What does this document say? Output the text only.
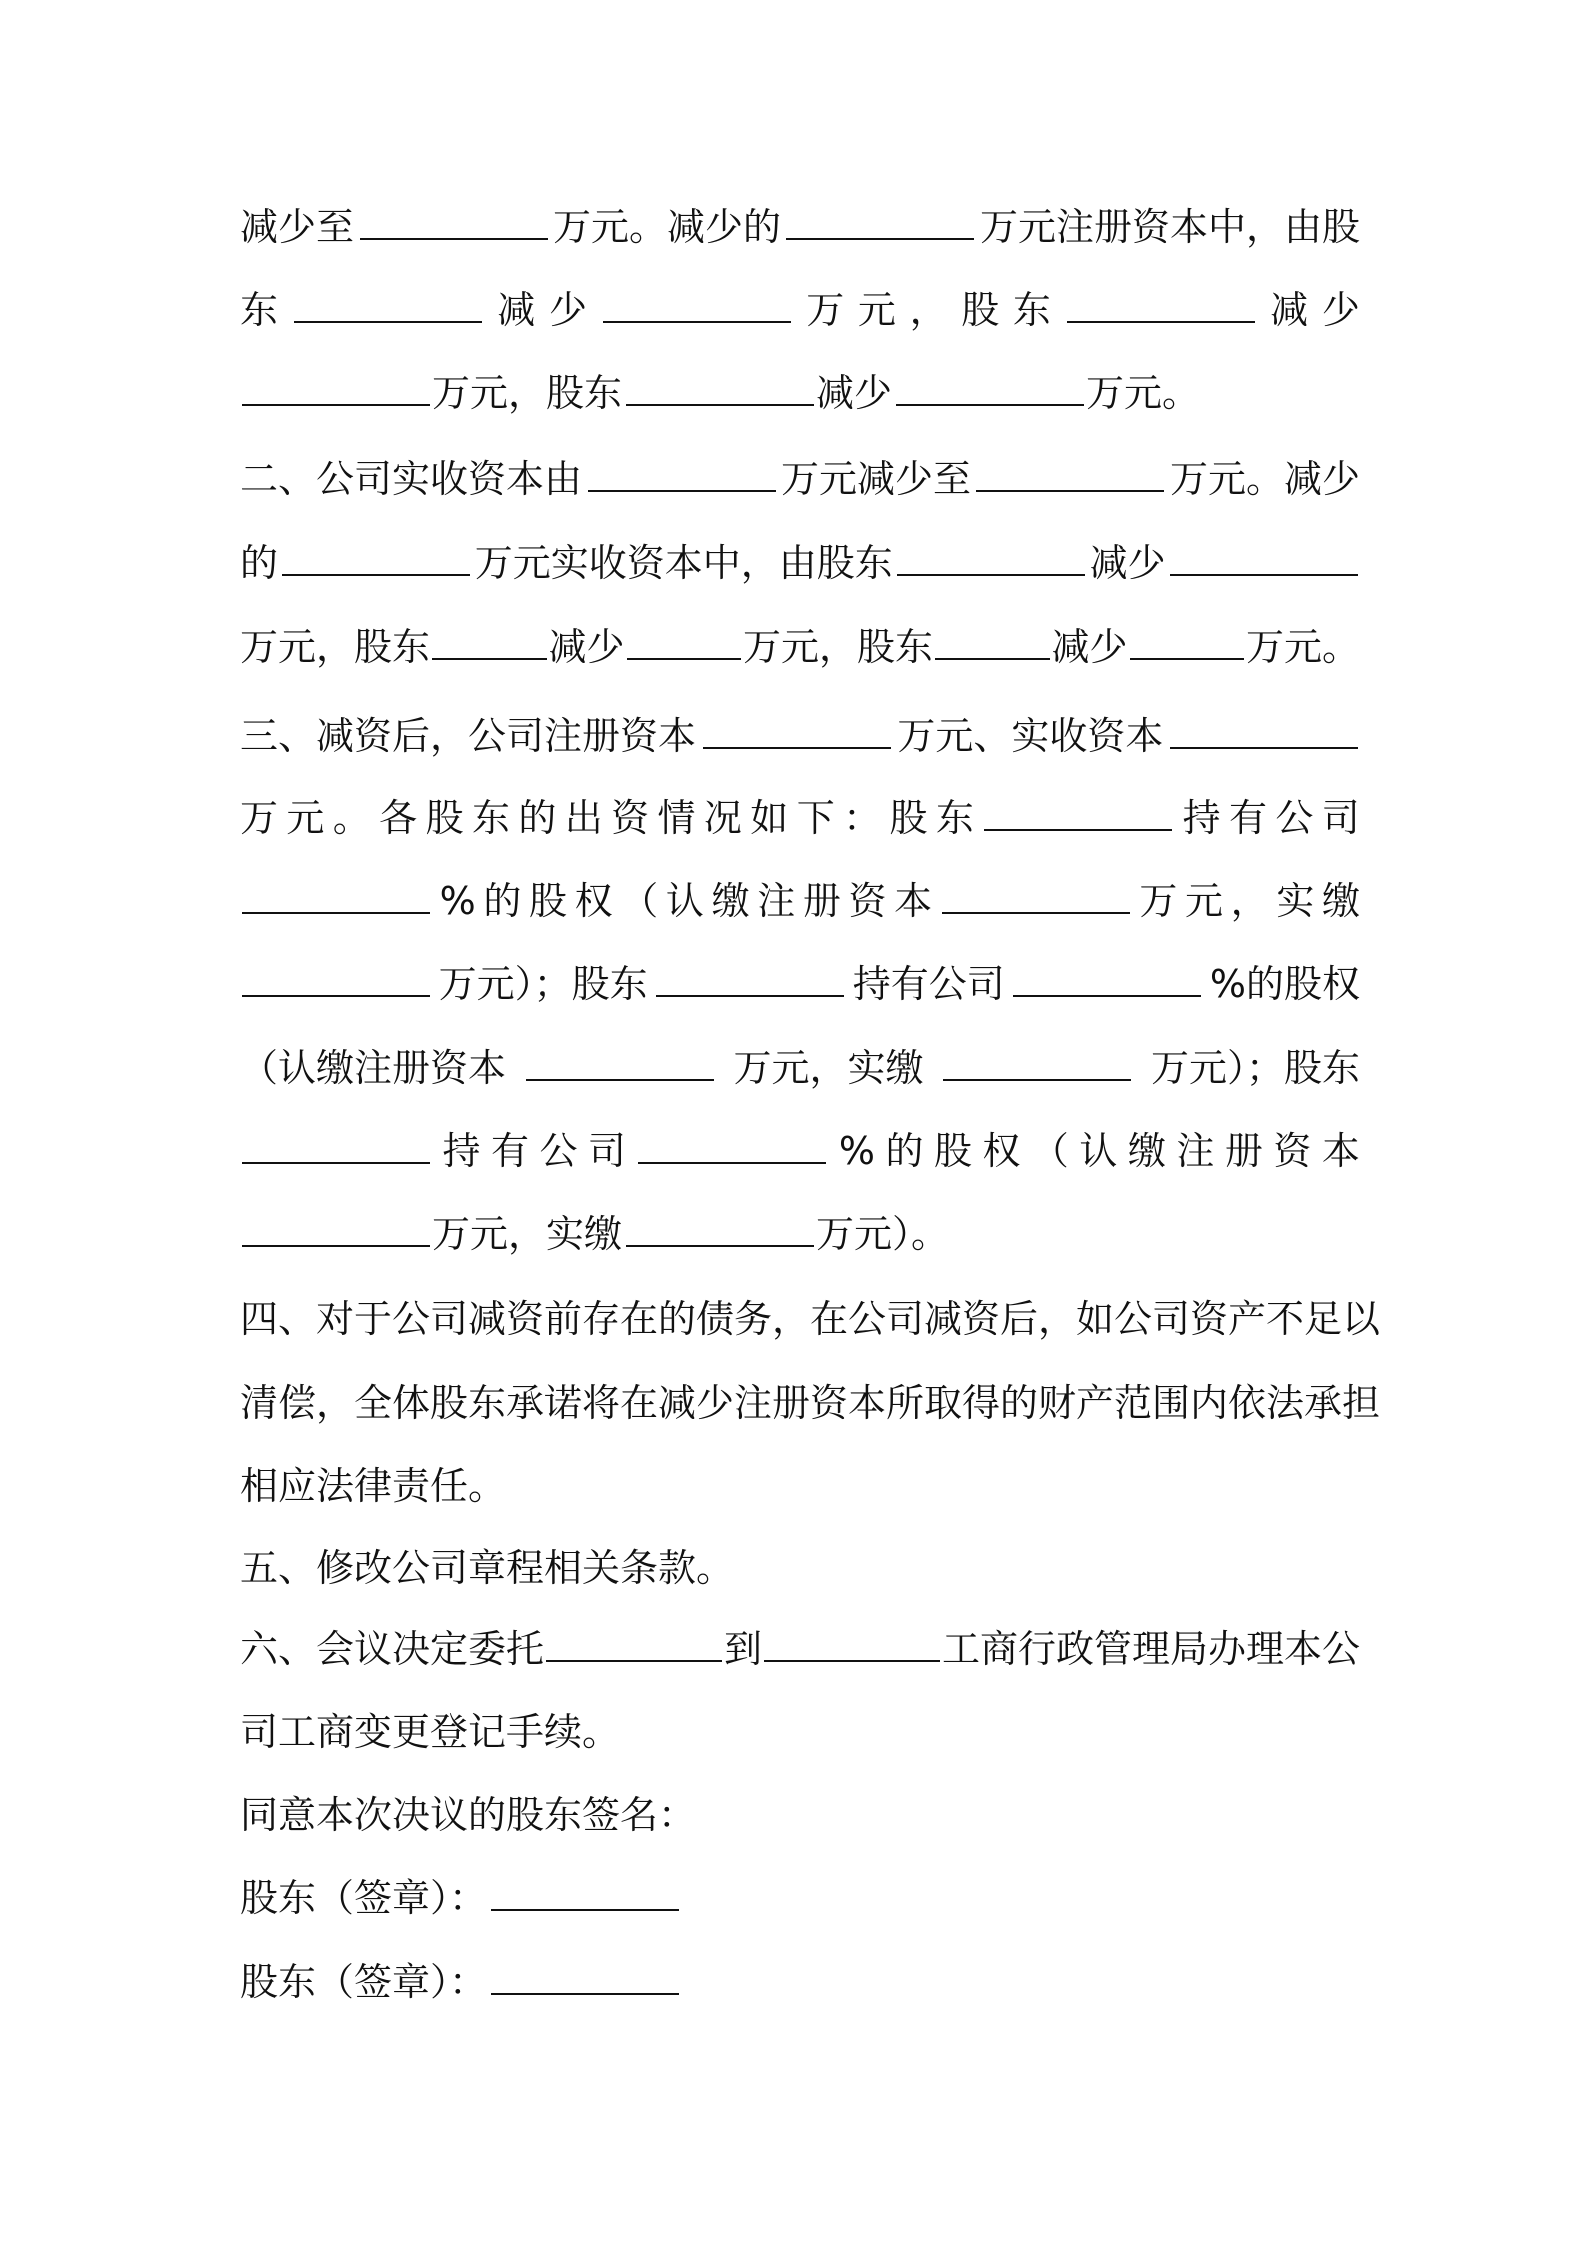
减少至	万元。减少的	万元注册资本中，由股
东	减 少	万 元 ， 股 东	减 少
万元，股东	减少	万元。
二、公司实收资本由	万元减少至	万元。减少
的	万元实收资本中，由股东	减少
万元，股东	减少	万元，股东	减少	万元。
三、减资后，公司注册资本	万元、实收资本
万 元 。 各 股 东 的 出 资 情 况 如 下 ： 股 东	持 有 公 司
% 的 股 权 （ 认 缴 注 册 资 本	万 元 ， 实 缴
万元）；股东	持有公司	%的股权
（认缴注册资本	万元，实缴	万元）；股东
持 有 公 司	% 的 股 权 （ 认 缴 注 册 资 本
万元，实缴	万元）。
四、对于公司减资前存在的债务，在公司减资后，如公司资产不足以
清偿，全体股东承诺将在减少注册资本所取得的财产范围内依法承担
相应法律责任。
五、修改公司章程相关条款。
六、会议决定委托	到	工商行政管理局办理本公
司工商变更登记手续。
同意本次决议的股东签名：
股东（签章）：
股东（签章）：
